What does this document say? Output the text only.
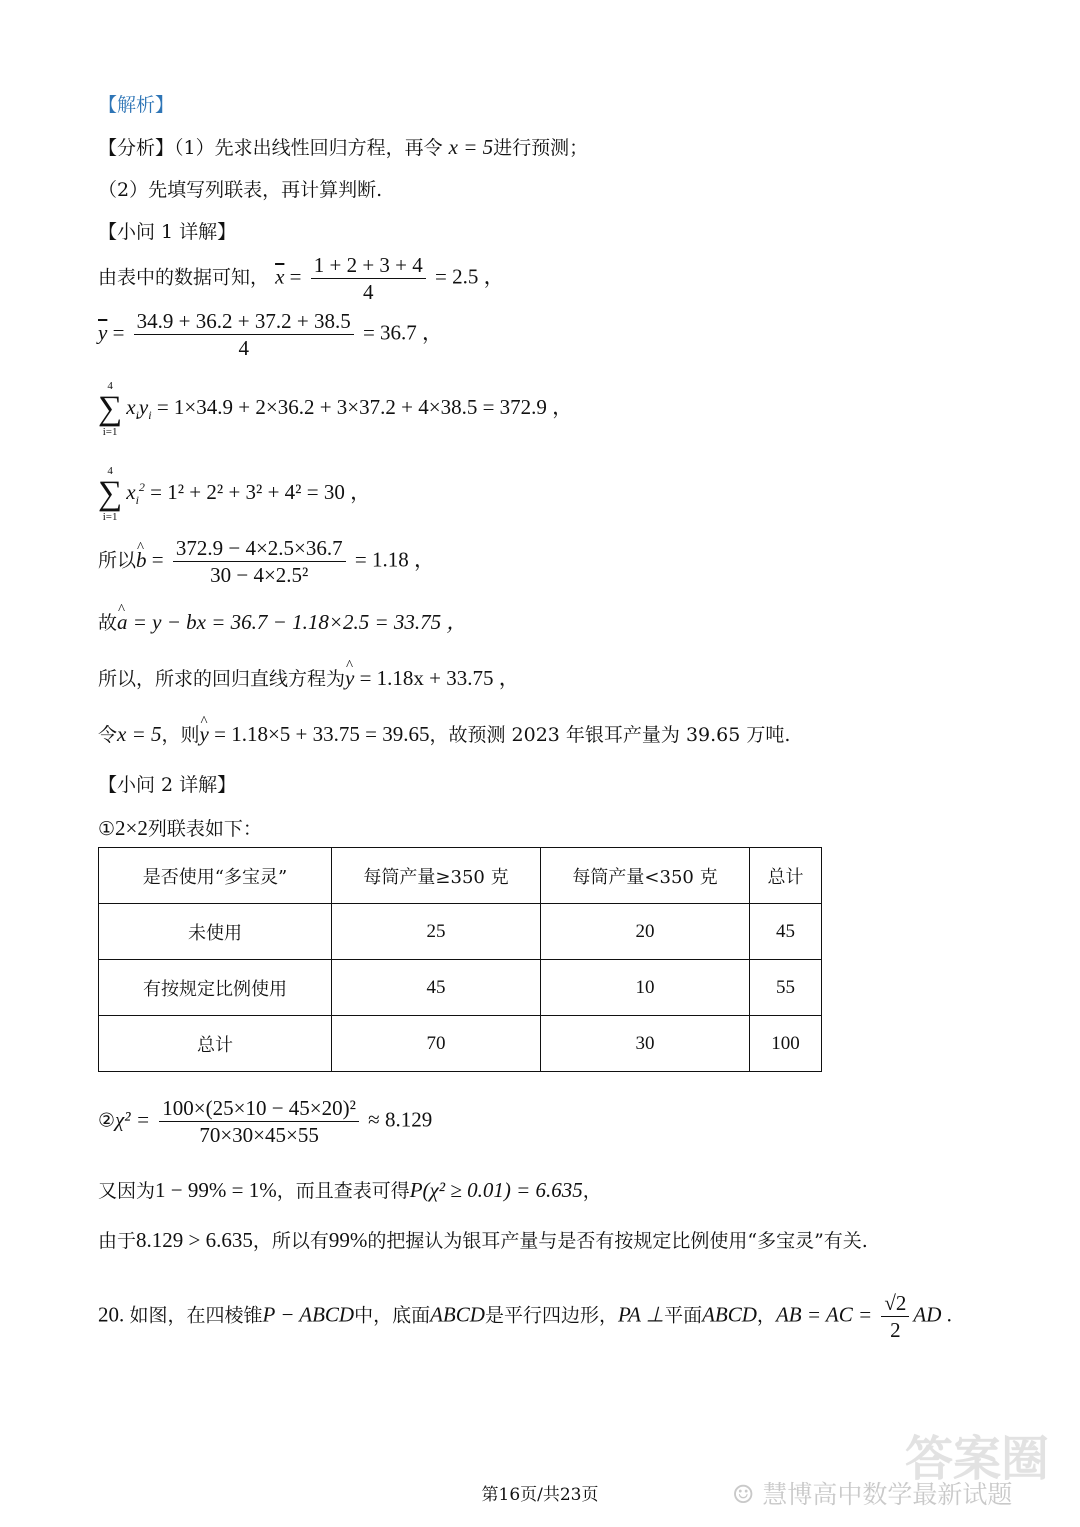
【解析】
【分析】（1）先求出线性回归方程，再令 x = 5进行预测；
（2）先填写列联表，再计算判断.
【小问 1 详解】
由表中的数据可知， $\overline{x} = \frac{1 + 2 + 3 + 4}{4} = 2.5$ ，
$\overline{y} = \frac{34.9 + 36.2 + 37.2 + 38.5}{4} = 36.7$ ，
4
∑
i=1
$x_iy_i = 1\times 34.9 + 2\times 36.2 + 3\times 37.2 + 4\times 38.5 = 372.9$ ，
4
∑
i=1
$x_i^2 = 1^2 + 2^2 + 3^2 + 4^2 = 30$ ，
所以^ $b = \frac{372.9 - 4\times 2.5\times 36.7}{\text{30 − 4×2.5²}} = 1.18$ ，
故^ a = y − bx = 36.7 − 1.18×2.5 = 33.75 ，
所以，所求的回归直线方程为^ y = 1.18x + 33.75 ，
令x = 5，则^ y = 1.18×5 + 33.75 = 39.65，故预测 2023 年银耳产量为 39.65 万吨.
【小问 2 详解】
①2×2列联表如下：
是否使用“多宝灵”	每筒产量≥350 克	每筒产量<350 克	总计
未使用	25	20	45
有按规定比例使用	45	10	55
总计	70	30	100
②χ² = $\frac{\text{100×(25×10 − 45×20)²}}{70\times 30\times 45\times 55} \approx 8.129$
又因为1 − 99% = 1%，而且查表可得P(χ² ≥ 0.01) = 6.635，
由于8.129 > 6.635，所以有99%的把握认为银耳产量与是否有按规定比例使用“多宝灵”有关.
20. 如图，在四棱锥P − ABCD中，底面ABCD是平行四边形，PA ⊥平面ABCD，AB = AC = $\frac{√2}{2}$ AD .
答案圈
☺ 慧博高中数学最新试题
第16页/共23页
